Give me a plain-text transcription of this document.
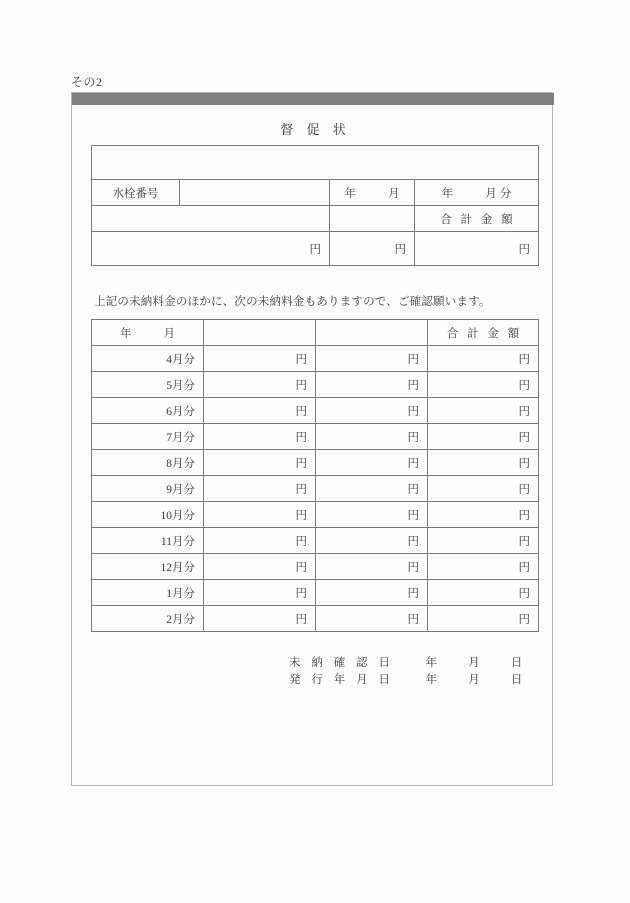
その2
督 促 状

水栓番号		年　　月	年　　月分
			合 計 金 額
円		円	円
上記の未納料金のほかに、次の未納料金もありますので、ご確認願います。
年　　月			合 計 金 額
4月分	円	円	円
5月分	円	円	円
6月分	円	円	円
7月分	円	円	円
8月分	円	円	円
9月分	円	円	円
10月分	円	円	円
11月分	円	円	円
12月分	円	円	円
1月分	円	円	円
2月分	円	円	円
未 納 確 認 日	年	月	日
発 行 年 月 日	年	月	日
